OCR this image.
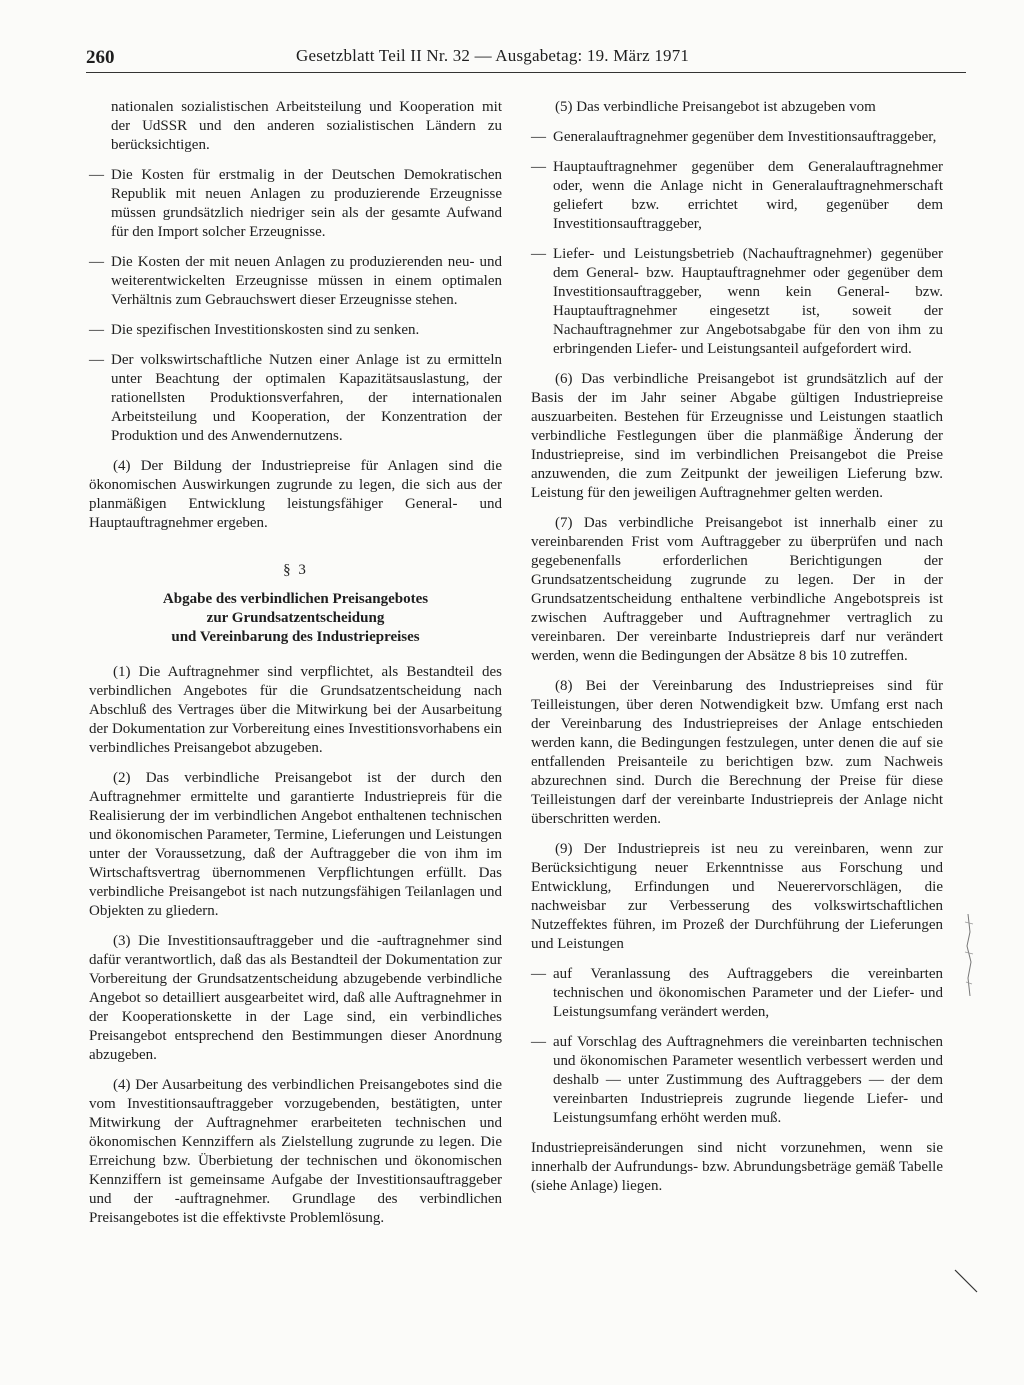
260	Gesetzblatt Teil II Nr. 32 — Ausgabetag: 19. März 1971

nationalen sozialistischen Arbeitsteilung und Kooperation mit der UdSSR und den anderen sozialistischen Ländern zu berücksichtigen.

— Die Kosten für erstmalig in der Deutschen Demokratischen Republik mit neuen Anlagen zu produzierende Erzeugnisse müssen grundsätzlich niedriger sein als der gesamte Aufwand für den Import solcher Erzeugnisse.

— Die Kosten der mit neuen Anlagen zu produzierenden neu- und weiterentwickelten Erzeugnisse müssen in einem optimalen Verhältnis zum Gebrauchswert dieser Erzeugnisse stehen.

— Die spezifischen Investitionskosten sind zu senken.

— Der volkswirtschaftliche Nutzen einer Anlage ist zu ermitteln unter Beachtung der optimalen Kapazitätsauslastung, der rationellsten Produktionsverfahren, der internationalen Arbeitsteilung und Kooperation, der Konzentration der Produktion und des Anwendernutzens.

(4) Der Bildung der Industriepreise für Anlagen sind die ökonomischen Auswirkungen zugrunde zu legen, die sich aus der planmäßigen Entwicklung leistungsfähiger General- und Hauptauftragnehmer ergeben.

§ 3
Abgabe des verbindlichen Preisangebotes
zur Grundsatzentscheidung
und Vereinbarung des Industriepreises

(1) Die Auftragnehmer sind verpflichtet, als Bestandteil des verbindlichen Angebotes für die Grundsatzentscheidung nach Abschluß des Vertrages über die Mitwirkung bei der Ausarbeitung der Dokumentation zur Vorbereitung eines Investitionsvorhabens ein verbindliches Preisangebot abzugeben.

(2) Das verbindliche Preisangebot ist der durch den Auftragnehmer ermittelte und garantierte Industriepreis für die Realisierung der im verbindlichen Angebot enthaltenen technischen und ökonomischen Parameter, Termine, Lieferungen und Leistungen unter der Voraussetzung, daß der Auftraggeber die von ihm im Wirtschaftsvertrag übernommenen Verpflichtungen erfüllt. Das verbindliche Preisangebot ist nach nutzungsfähigen Teilanlagen und Objekten zu gliedern.

(3) Die Investitionsauftraggeber und die -auftragnehmer sind dafür verantwortlich, daß das als Bestandteil der Dokumentation zur Vorbereitung der Grundsatzentscheidung abzugebende verbindliche Angebot so detailliert ausgearbeitet wird, daß alle Auftragnehmer in der Kooperationskette in der Lage sind, ein verbindliches Preisangebot entsprechend den Bestimmungen dieser Anordnung abzugeben.

(4) Der Ausarbeitung des verbindlichen Preisangebotes sind die vom Investitionsauftraggeber vorzugebenden, bestätigten, unter Mitwirkung der Auftragnehmer erarbeiteten technischen und ökonomischen Kennziffern als Zielstellung zugrunde zu legen. Die Erreichung bzw. Überbietung der technischen und ökonomischen Kennziffern ist gemeinsame Aufgabe der Investitionsauftraggeber und der -auftragnehmer. Grundlage des verbindlichen Preisangebotes ist die effektivste Problemlösung.

(5) Das verbindliche Preisangebot ist abzugeben vom

— Generalauftragnehmer gegenüber dem Investitionsauftraggeber,

— Hauptauftragnehmer gegenüber dem Generalauftragnehmer oder, wenn die Anlage nicht in Generalauftragnehmerschaft geliefert bzw. errichtet wird, gegenüber dem Investitionsauftraggeber,

— Liefer- und Leistungsbetrieb (Nachauftragnehmer) gegenüber dem General- bzw. Hauptauftragnehmer oder gegenüber dem Investitionsauftraggeber, wenn kein General- bzw. Hauptauftragnehmer eingesetzt ist, soweit der Nachauftragnehmer zur Angebotsabgabe für den von ihm zu erbringenden Liefer- und Leistungsanteil aufgefordert wird.

(6) Das verbindliche Preisangebot ist grundsätzlich auf der Basis der im Jahr seiner Abgabe gültigen Industriepreise auszuarbeiten. Bestehen für Erzeugnisse und Leistungen staatlich verbindliche Festlegungen über die planmäßige Änderung der Industriepreise, sind im verbindlichen Preisangebot die Preise anzuwenden, die zum Zeitpunkt der jeweiligen Lieferung bzw. Leistung für den jeweiligen Auftragnehmer gelten werden.

(7) Das verbindliche Preisangebot ist innerhalb einer zu vereinbarenden Frist vom Auftraggeber zu überprüfen und nach gegebenenfalls erforderlichen Berichtigungen der Grundsatzentscheidung zugrunde zu legen. Der in der Grundsatzentscheidung enthaltene verbindliche Angebotspreis ist zwischen Auftraggeber und Auftragnehmer vertraglich zu vereinbaren. Der vereinbarte Industriepreis darf nur verändert werden, wenn die Bedingungen der Absätze 8 bis 10 zutreffen.

(8) Bei der Vereinbarung des Industriepreises sind für Teilleistungen, über deren Notwendigkeit bzw. Umfang erst nach der Vereinbarung des Industriepreises der Anlage entschieden werden kann, die Bedingungen festzulegen, unter denen die auf sie entfallenden Preisanteile zu berichtigen bzw. zum Nachweis abzurechnen sind. Durch die Berechnung der Preise für diese Teilleistungen darf der vereinbarte Industriepreis der Anlage nicht überschritten werden.

(9) Der Industriepreis ist neu zu vereinbaren, wenn zur Berücksichtigung neuer Erkenntnisse aus Forschung und Entwicklung, Erfindungen und Neuerervorschlägen, die nachweisbar zur Verbesserung des volkswirtschaftlichen Nutzeffektes führen, im Prozeß der Durchführung der Lieferungen und Leistungen

— auf Veranlassung des Auftraggebers die vereinbarten technischen und ökonomischen Parameter und der Liefer- und Leistungsumfang verändert werden,

— auf Vorschlag des Auftragnehmers die vereinbarten technischen und ökonomischen Parameter wesentlich verbessert werden und deshalb — unter Zustimmung des Auftraggebers — der dem vereinbarten Industriepreis zugrunde liegende Liefer- und Leistungsumfang erhöht werden muß.

Industriepreisänderungen sind nicht vorzunehmen, wenn sie innerhalb der Aufrundungs- bzw. Abrundungsbeträge gemäß Tabelle (siehe Anlage) liegen.
